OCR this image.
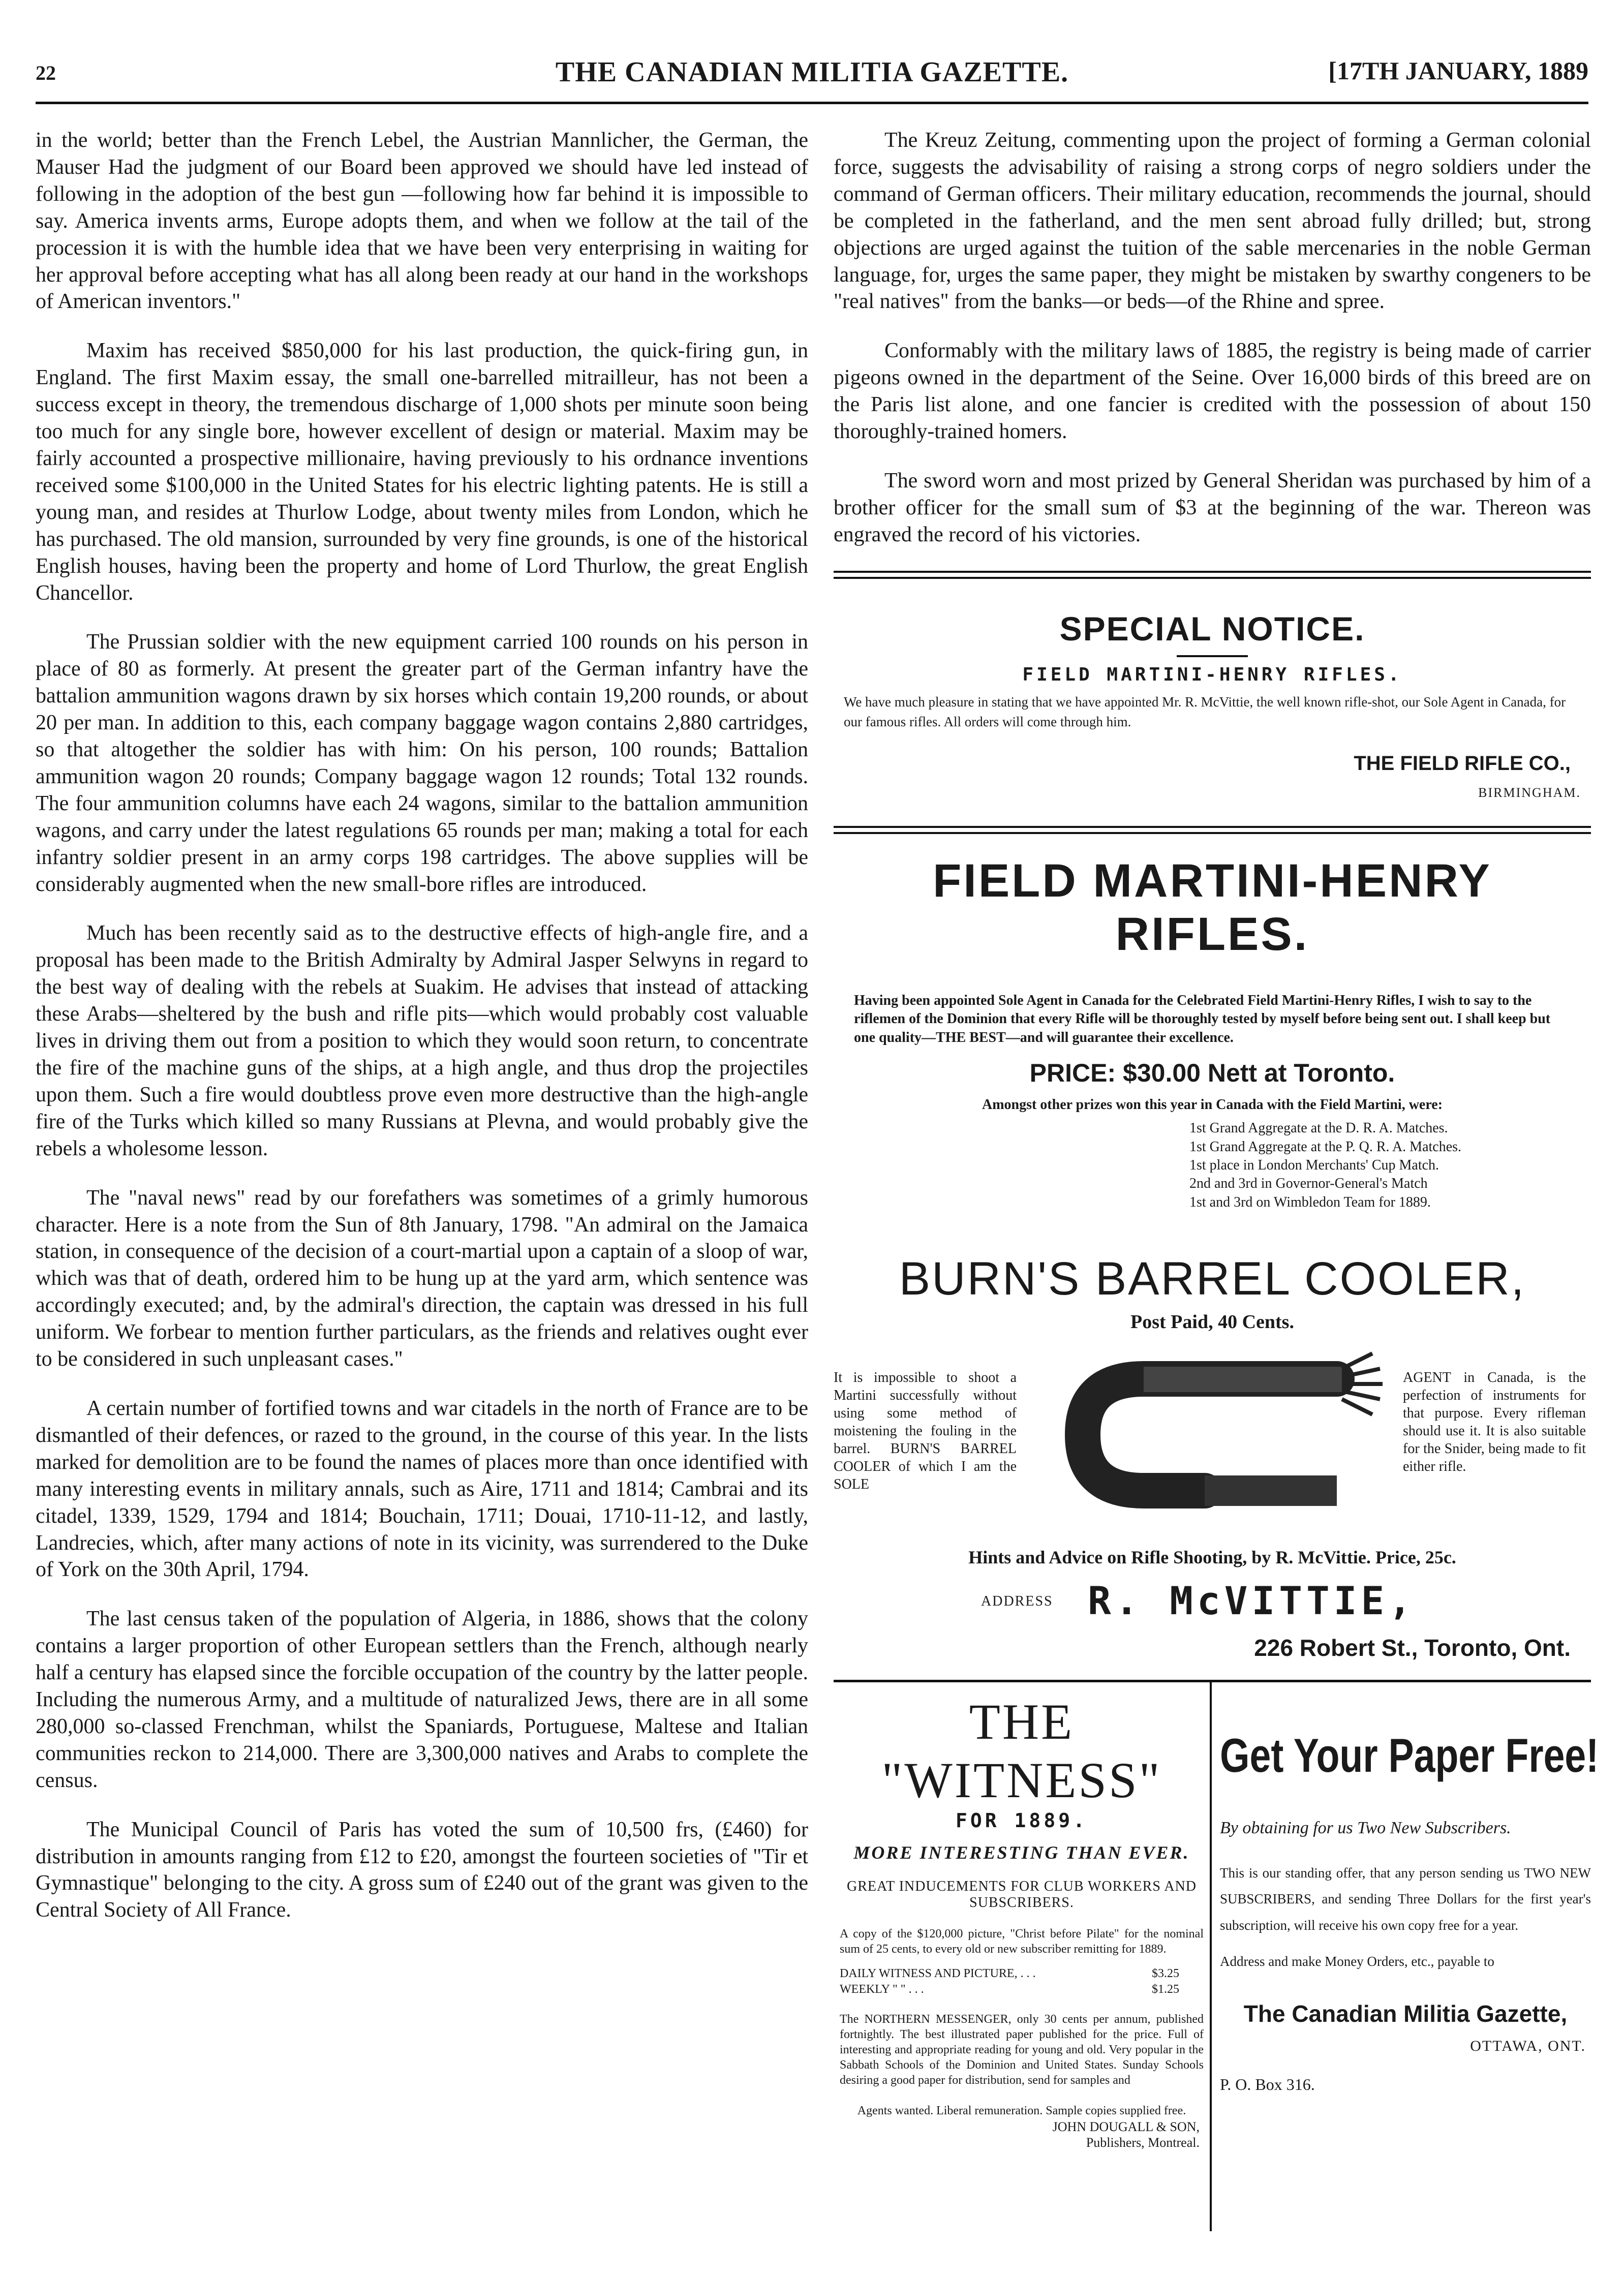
22	THE CANADIAN MILITIA GAZETTE.	[17TH JANUARY, 1889

in the world; better than the French Lebel, the Austrian Mannlicher, the German, the Mauser Had the judgment of our Board been approved we should have led instead of following in the adoption of the best gun —following how far behind it is impossible to say. America invents arms, Europe adopts them, and when we follow at the tail of the procession it is with the humble idea that we have been very enterprising in waiting for her approval before accepting what has all along been ready at our hand in the workshops of American inventors."

Maxim has received $850,000 for his last production, the quick-firing gun, in England. The first Maxim essay, the small one-barrelled mitrailleur, has not been a success except in theory, the tremendous discharge of 1,000 shots per minute soon being too much for any single bore, however excellent of design or material. Maxim may be fairly accounted a prospective millionaire, having previously to his ordnance inventions received some $100,000 in the United States for his electric lighting patents. He is still a young man, and resides at Thurlow Lodge, about twenty miles from London, which he has purchased. The old mansion, surrounded by very fine grounds, is one of the historical English houses, having been the property and home of Lord Thurlow, the great English Chancellor.

The Prussian soldier with the new equipment carried 100 rounds on his person in place of 80 as formerly. At present the greater part of the German infantry have the battalion ammunition wagons drawn by six horses which contain 19,200 rounds, or about 20 per man. In addition to this, each company baggage wagon contains 2,880 cartridges, so that altogether the soldier has with him: On his person, 100 rounds; Battalion ammunition wagon 20 rounds; Company baggage wagon 12 rounds; Total 132 rounds. The four ammunition columns have each 24 wagons, similar to the battalion ammunition wagons, and carry under the latest regulations 65 rounds per man; making a total for each infantry soldier present in an army corps 198 cartridges. The above supplies will be considerably augmented when the new small-bore rifles are introduced.

Much has been recently said as to the destructive effects of high-angle fire, and a proposal has been made to the British Admiralty by Admiral Jasper Selwyns in regard to the best way of dealing with the rebels at Suakim. He advises that instead of attacking these Arabs—sheltered by the bush and rifle pits—which would probably cost valuable lives in driving them out from a position to which they would soon return, to concentrate the fire of the machine guns of the ships, at a high angle, and thus drop the projectiles upon them. Such a fire would doubtless prove even more destructive than the high-angle fire of the Turks which killed so many Russians at Plevna, and would probably give the rebels a wholesome lesson.

The "naval news" read by our forefathers was sometimes of a grimly humorous character. Here is a note from the Sun of 8th January, 1798. "An admiral on the Jamaica station, in consequence of the decision of a court-martial upon a captain of a sloop of war, which was that of death, ordered him to be hung up at the yard arm, which sentence was accordingly executed; and, by the admiral's direction, the captain was dressed in his full uniform. We forbear to mention further particulars, as the friends and relatives ought ever to be considered in such unpleasant cases."

A certain number of fortified towns and war citadels in the north of France are to be dismantled of their defences, or razed to the ground, in the course of this year. In the lists marked for demolition are to be found the names of places more than once identified with many interesting events in military annals, such as Aire, 1711 and 1814; Cambrai and its citadel, 1339, 1529, 1794 and 1814; Bouchain, 1711; Douai, 1710-11-12, and lastly, Landrecies, which, after many actions of note in its vicinity, was surrendered to the Duke of York on the 30th April, 1794.

The last census taken of the population of Algeria, in 1886, shows that the colony contains a larger proportion of other European settlers than the French, although nearly half a century has elapsed since the forcible occupation of the country by the latter people. Including the numerous Army, and a multitude of naturalized Jews, there are in all some 280,000 so-classed Frenchman, whilst the Spaniards, Portuguese, Maltese and Italian communities reckon to 214,000. There are 3,300,000 natives and Arabs to complete the census.

The Municipal Council of Paris has voted the sum of 10,500 frs, (£460) for distribution in amounts ranging from £12 to £20, amongst the fourteen societies of "Tir et Gymnastique" belonging to the city. A gross sum of £240 out of the grant was given to the Central Society of All France.

The Kreuz Zeitung, commenting upon the project of forming a German colonial force, suggests the advisability of raising a strong corps of negro soldiers under the command of German officers. Their military education, recommends the journal, should be completed in the fatherland, and the men sent abroad fully drilled; but, strong objections are urged against the tuition of the sable mercenaries in the noble German language, for, urges the same paper, they might be mistaken by swarthy congeners to be "real natives" from the banks—or beds—of the Rhine and spree.

Conformably with the military laws of 1885, the registry is being made of carrier pigeons owned in the department of the Seine. Over 16,000 birds of this breed are on the Paris list alone, and one fancier is credited with the possession of about 150 thoroughly-trained homers.

The sword worn and most prized by General Sheridan was purchased by him of a brother officer for the small sum of $3 at the beginning of the war. Thereon was engraved the record of his victories.

SPECIAL NOTICE.
FIELD MARTINI-HENRY RIFLES.
We have much pleasure in stating that we have appointed Mr. R. McVittie, the well known rifle-shot, our Sole Agent in Canada, for our famous rifles. All orders will come through him.
THE FIELD RIFLE CO.,
BIRMINGHAM.
FIELD MARTINI-HENRY RIFLES.
Having been appointed Sole Agent in Canada for the Celebrated Field Martini-Henry Rifles, I wish to say to the riflemen of the Dominion that every Rifle will be thoroughly tested by myself before being sent out. I shall keep but one quality—THE BEST—and will guarantee their excellence.
PRICE: $30.00 Nett at Toronto.
Amongst other prizes won this year in Canada with the Field Martini, were:
1st Grand Aggregate at the D. R. A. Matches.
1st Grand Aggregate at the P. Q. R. A. Matches.
1st place in London Merchants' Cup Match.
2nd and 3rd in Governor-General's Match
1st and 3rd on Wimbledon Team for 1889.
BURN'S BARREL COOLER,
Post Paid, 40 Cents.
It is impossible to shoot a Martini successfully without using some method of moistening the fouling in the barrel. BURN'S BARREL COOLER of which I am the SOLE
AGENT in Canada, is the perfection of instruments for that purpose. Every rifleman should use it. It is also suitable for the Snider, being made to fit either rifle.
Hints and Advice on Rifle Shooting, by R. McVittie. Price, 25c.
ADDRESS R. McVITTIE,
226 Robert St., Toronto, Ont.
THE "WITNESS"
FOR 1889.
MORE INTERESTING THAN EVER.
GREAT INDUCEMENTS FOR CLUB WORKERS AND SUBSCRIBERS.
A copy of the $120,000 picture, "Christ before Pilate" for the nominal sum of 25 cents, to every old or new subscriber remitting for 1889.
DAILY WITNESS AND PICTURE, . . .	$3.25
WEEKLY " " . . .	$1.25
The NORTHERN MESSENGER, only 30 cents per annum, published fortnightly. The best illustrated paper published for the price. Full of interesting and appropriate reading for young and old. Very popular in the Sabbath Schools of the Dominion and United States. Sunday Schools desiring a good paper for distribution, send for samples and
Agents wanted. Liberal remuneration. Sample copies supplied free.
JOHN DOUGALL & SON,
Publishers, Montreal.
Get Your Paper Free!
By obtaining for us Two New Subscribers.
This is our standing offer, that any person sending us TWO NEW SUBSCRIBERS, and sending Three Dollars for the first year's subscription, will receive his own copy free for a year.
Address and make Money Orders, etc., payable to
The Canadian Militia Gazette,
OTTAWA, ONT.
P. O. Box 316.
